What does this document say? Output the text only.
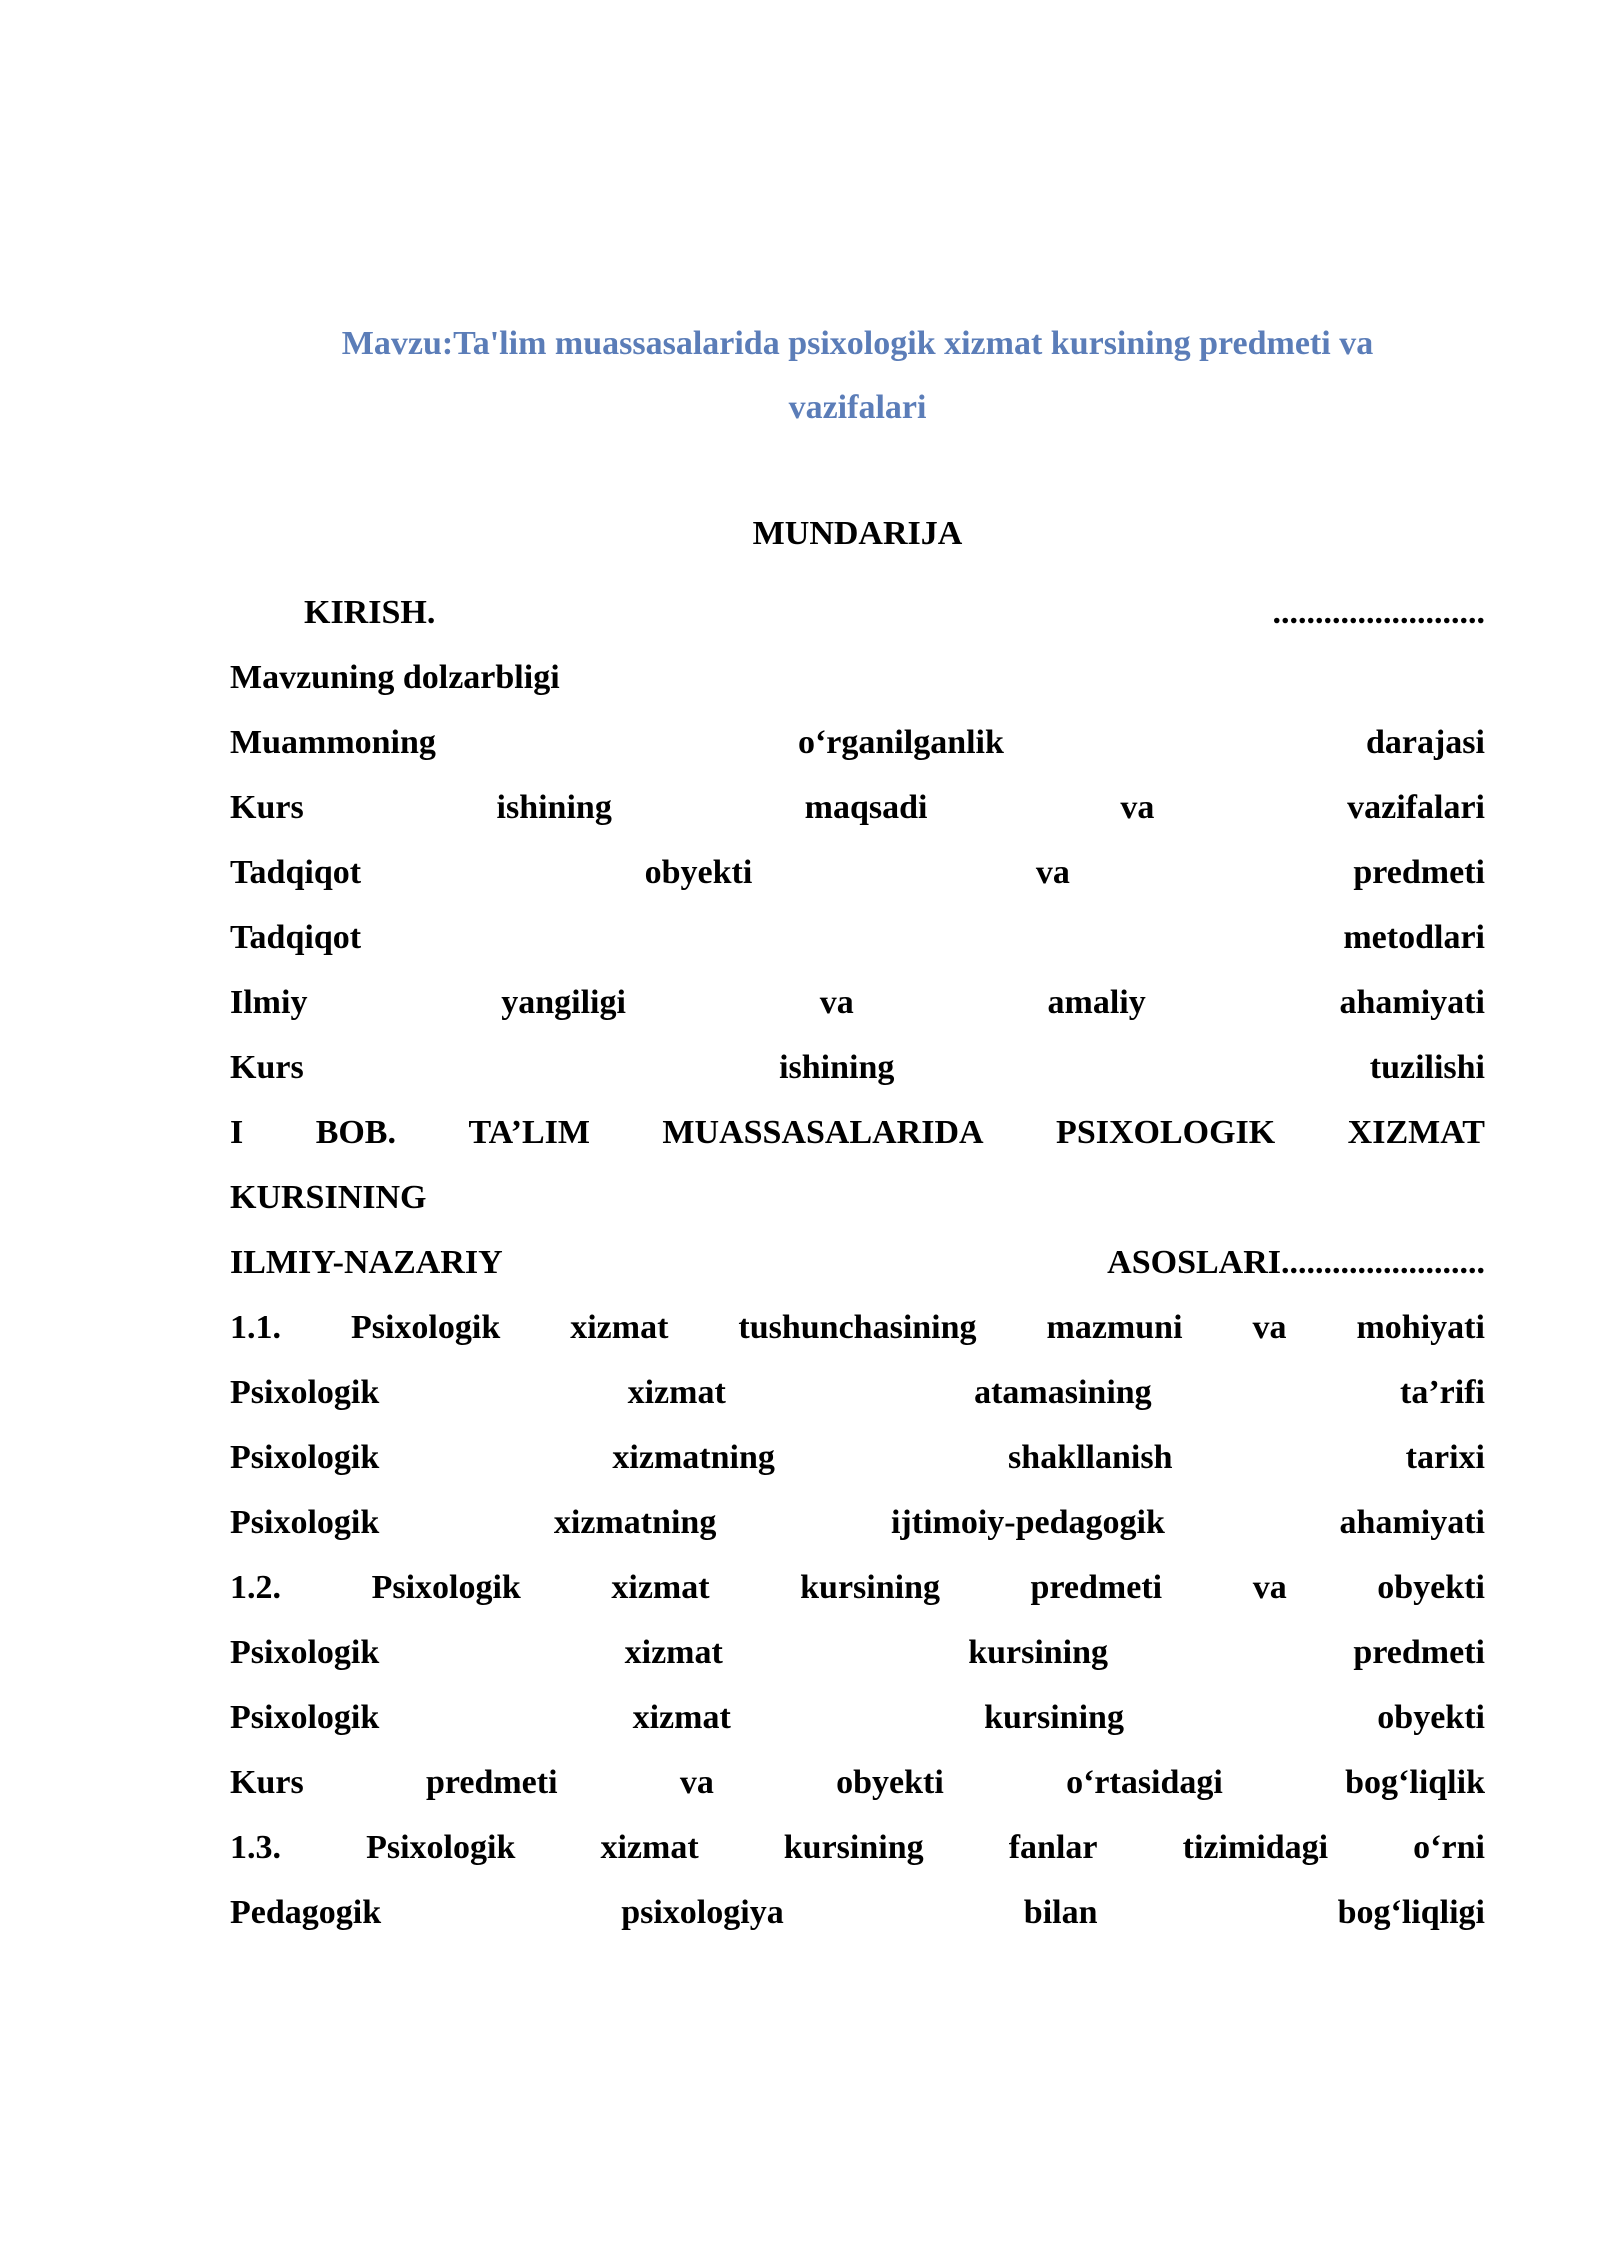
Mavzu:Ta'lim muassasalarida psixologik xizmat kursining predmeti va
vazifalari
MUNDARIJA
KIRISH.	.........................
Mavzuning dolzarbligi
Muammoning	o‘rganilganlik	darajasi
Kurs	ishining	maqsadi	va	vazifalari
Tadqiqot	obyekti	va	predmeti
Tadqiqot	metodlari
Ilmiy	yangiligi	va	amaliy	ahamiyati
Kurs	ishining	tuzilishi
I BOB. TA’LIM MUASSASALARIDA PSIXOLOGIK XIZMAT
KURSINING
ILMIY-NAZARIY	ASOSLARI........................
1.1. Psixologik xizmat tushunchasining mazmuni va mohiyati
Psixologik	xizmat	atamasining	ta’rifi
Psixologik	xizmatning	shakllanish	tarixi
Psixologik	xizmatning	ijtimoiy-pedagogik	ahamiyati
1.2.	Psixologik	xizmat	kursining	predmeti	va	obyekti
Psixologik	xizmat	kursining	predmeti
Psixologik	xizmat	kursining	obyekti
Kurs	predmeti	va	obyekti	o‘rtasidagi	bog‘liqlik
1.3.	Psixologik	xizmat	kursining	fanlar	tizimidagi	o‘rni
Pedagogik	psixologiya	bilan	bog‘liqligi
